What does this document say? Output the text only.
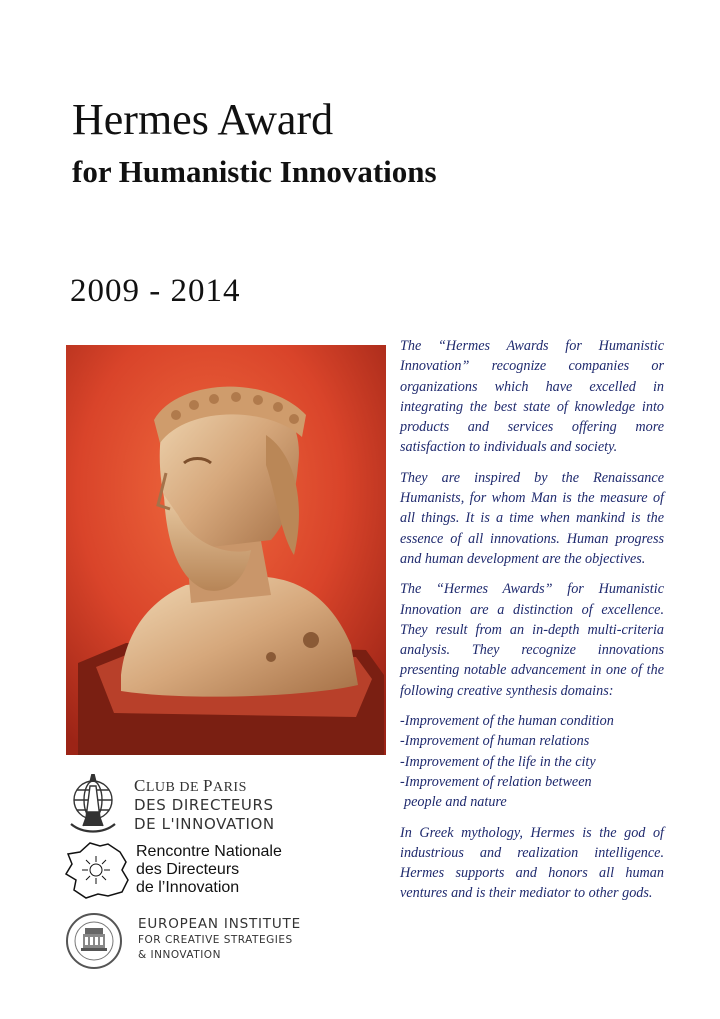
Hermes Award
for Humanistic Innovations
2009 - 2014

The “Hermes Awards for Humanistic Innovation” recognize companies or organizations which have excelled in integrating the best state of knowledge into products and services offering more satisfaction to individuals and society.

They are inspired by the Renaissance Humanists, for whom Man is the measure of all things. It is a time when mankind is the essence of all innovations. Human progress and human development are the objectives.

The “Hermes Awards” for Humanistic Innovation are a distinction of excellence. They result from an in-depth multi-criteria analysis. They recognize innovations presenting notable advancement in one of the following creative synthesis domains:

-Improvement of the human condition
-Improvement of human relations
-Improvement of the life in the city
-Improvement of relation between
people and nature

In Greek mythology, Hermes is the god of industrious and realization intelligence. Hermes supports and honors all human ventures and is their mediator to other gods.

CLUB DE PARIS
DES DIRECTEURS
DE L'INNOVATION
Rencontre Nationale
des Directeurs
de l’Innovation
EUROPEAN INSTITUTE
FOR CREATIVE STRATEGIES
& INNOVATION
